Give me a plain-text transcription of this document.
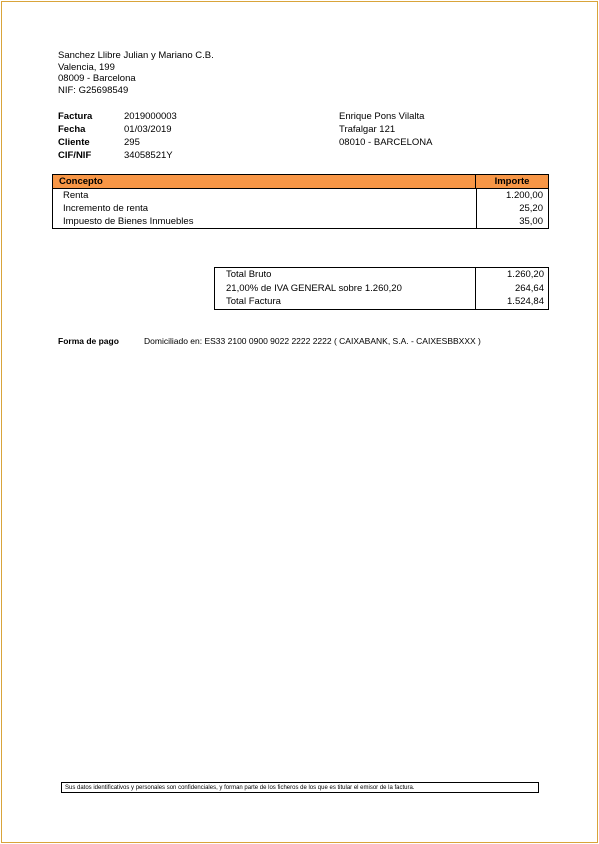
Sanchez Llibre Julian y Mariano C.B.
Valencia, 199
08009 - Barcelona
NIF: G25698549
Factura	2019000003
Fecha	01/03/2019
Cliente	295
CIF/NIF	34058521Y
Enrique Pons Vilalta
Trafalgar 121
08010 - BARCELONA
Concepto	Importe
Renta	1.200,00
Incremento de renta	25,20
Impuesto de Bienes Inmuebles	35,00
Total Bruto	1.260,20
21,00% de IVA GENERAL sobre 1.260,20	264,64
Total Factura	1.524,84
Forma de pago	Domiciliado en: ES33 2100 0900 9022 2222 2222 ( CAIXABANK, S.A. - CAIXESBBXXX )
Sus datos identificativos y personales son confidenciales, y forman parte de los ficheros de los que es titular el emisor de la factura.
